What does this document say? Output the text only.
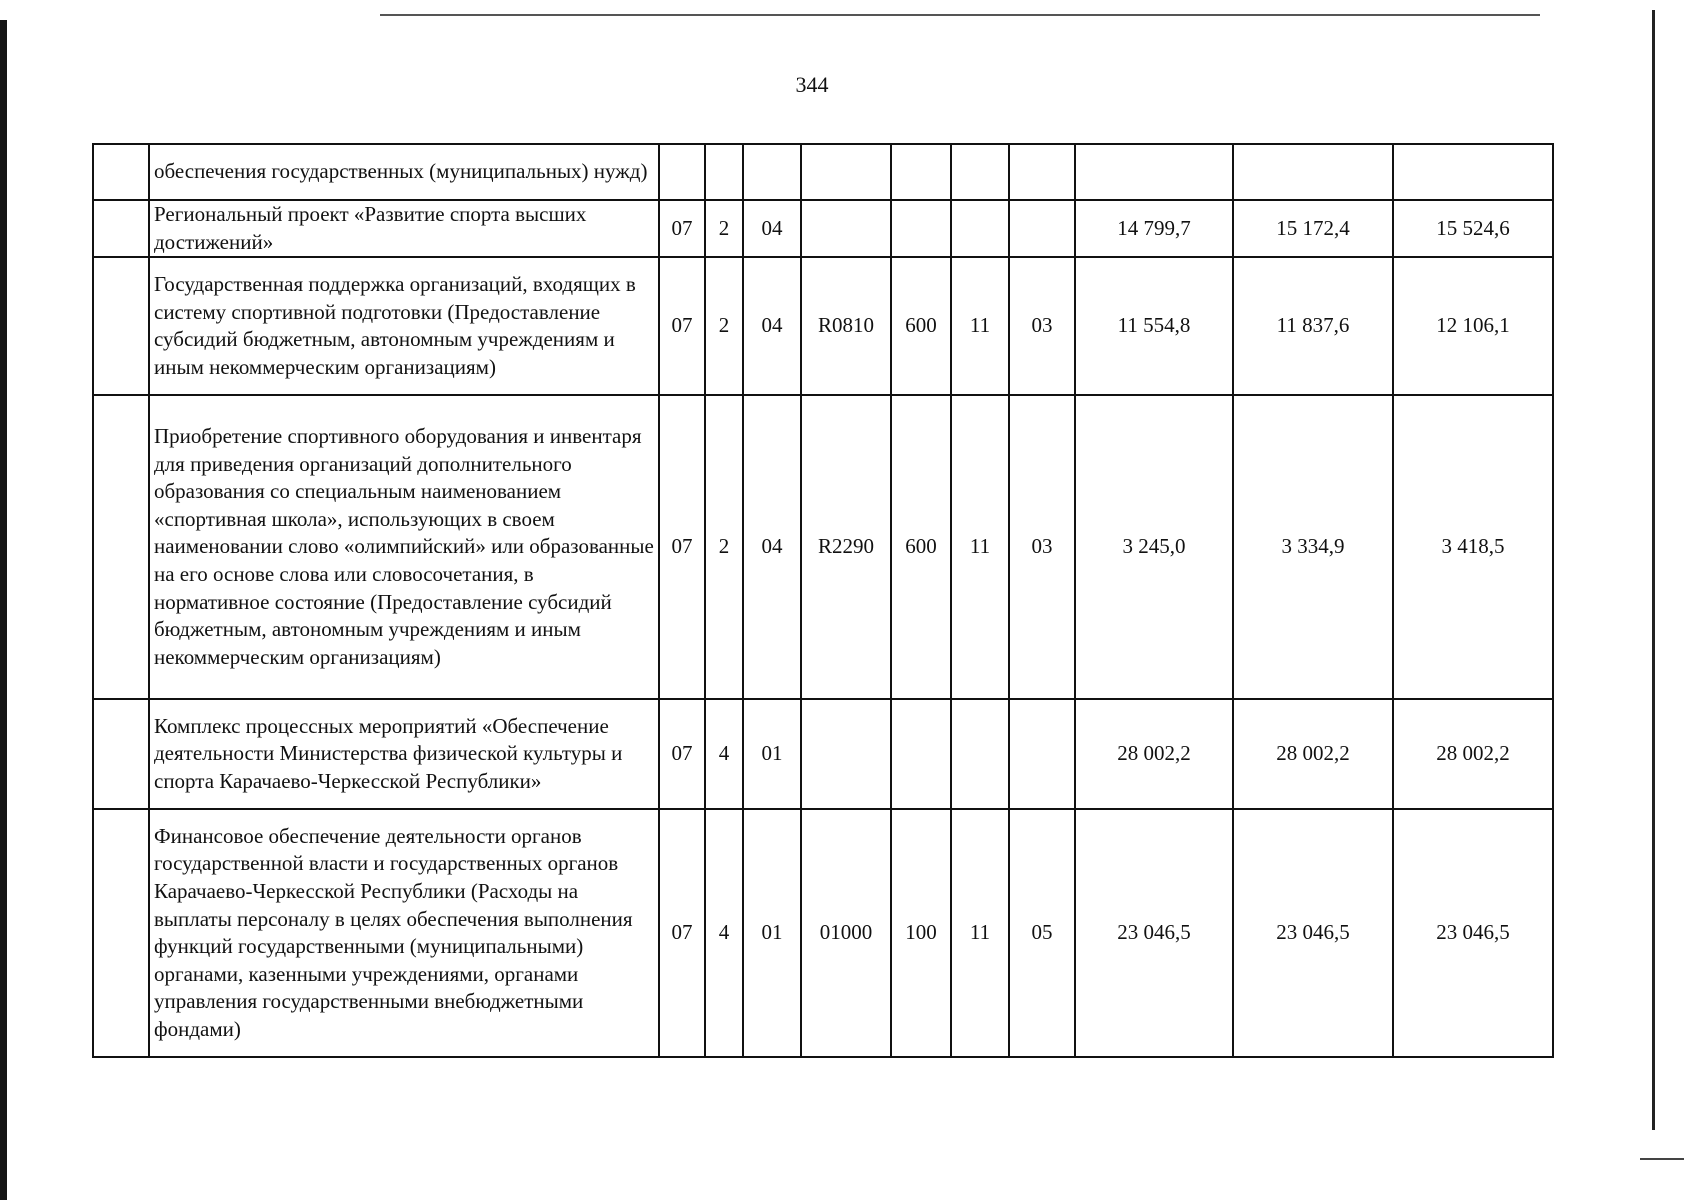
344
	обеспечения государственных (муниципальных) нужд)										
	Региональный проект «Развитие спорта высших достижений»	07	2	04					14 799,7	15 172,4	15 524,6
	Государственная поддержка организаций, входящих в систему спортивной подготовки (Предоставление субсидий бюджетным, автономным учреждениям и иным некоммерческим организациям)	07	2	04	R0810	600	11	03	11 554,8	11 837,6	12 106,1
	Приобретение спортивного оборудования и инвентаря для приведения организаций дополнительного образования со специальным наименованием «спортивная школа», использующих в своем наименовании слово «олимпийский» или образованные на его основе слова или словосочетания, в нормативное состояние (Предоставление субсидий бюджетным, автономным учреждениям и иным некоммерческим организациям)	07	2	04	R2290	600	11	03	3 245,0	3 334,9	3 418,5
	Комплекс процессных мероприятий «Обеспечение деятельности Министерства физической культуры и спорта Карачаево-Черкесской Республики»	07	4	01					28 002,2	28 002,2	28 002,2
	Финансовое обеспечение деятельности органов государственной власти и государственных органов Карачаево-Черкесской Республики (Расходы на выплаты персоналу в целях обеспечения выполнения функций государственными (муниципальными) органами, казенными учреждениями, органами управления государственными внебюджетными фондами)	07	4	01	01000	100	11	05	23 046,5	23 046,5	23 046,5
